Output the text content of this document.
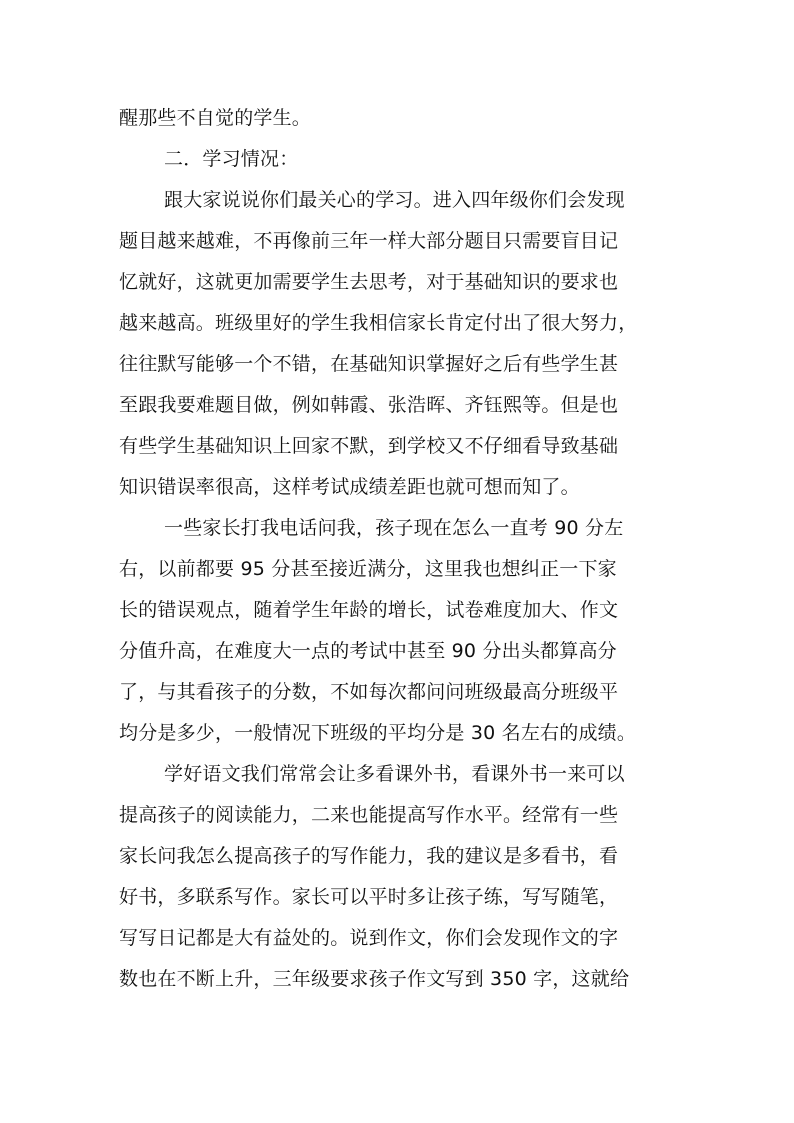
醒那些不自觉的学生。
二．学习情况：
跟大家说说你们最关心的学习。进入四年级你们会发现
题目越来越难，不再像前三年一样大部分题目只需要盲目记
忆就好，这就更加需要学生去思考，对于基础知识的要求也
越来越高。班级里好的学生我相信家长肯定付出了很大努力，
往往默写能够一个不错，在基础知识掌握好之后有些学生甚
至跟我要难题目做，例如韩霞、张浩晖、齐钰熙等。但是也
有些学生基础知识上回家不默，到学校又不仔细看导致基础
知识错误率很高，这样考试成绩差距也就可想而知了。
一些家长打我电话问我，孩子现在怎么一直考 90 分左
右，以前都要 95 分甚至接近满分，这里我也想纠正一下家
长的错误观点，随着学生年龄的增长，试卷难度加大、作文
分值升高，在难度大一点的考试中甚至 90 分出头都算高分
了，与其看孩子的分数，不如每次都问问班级最高分班级平
均分是多少，一般情况下班级的平均分是 30 名左右的成绩。
学好语文我们常常会让多看课外书，看课外书一来可以
提高孩子的阅读能力，二来也能提高写作水平。经常有一些
家长问我怎么提高孩子的写作能力，我的建议是多看书，看
好书，多联系写作。家长可以平时多让孩子练，写写随笔，
写写日记都是大有益处的。说到作文，你们会发现作文的字
数也在不断上升，三年级要求孩子作文写到 350 字，这就给
